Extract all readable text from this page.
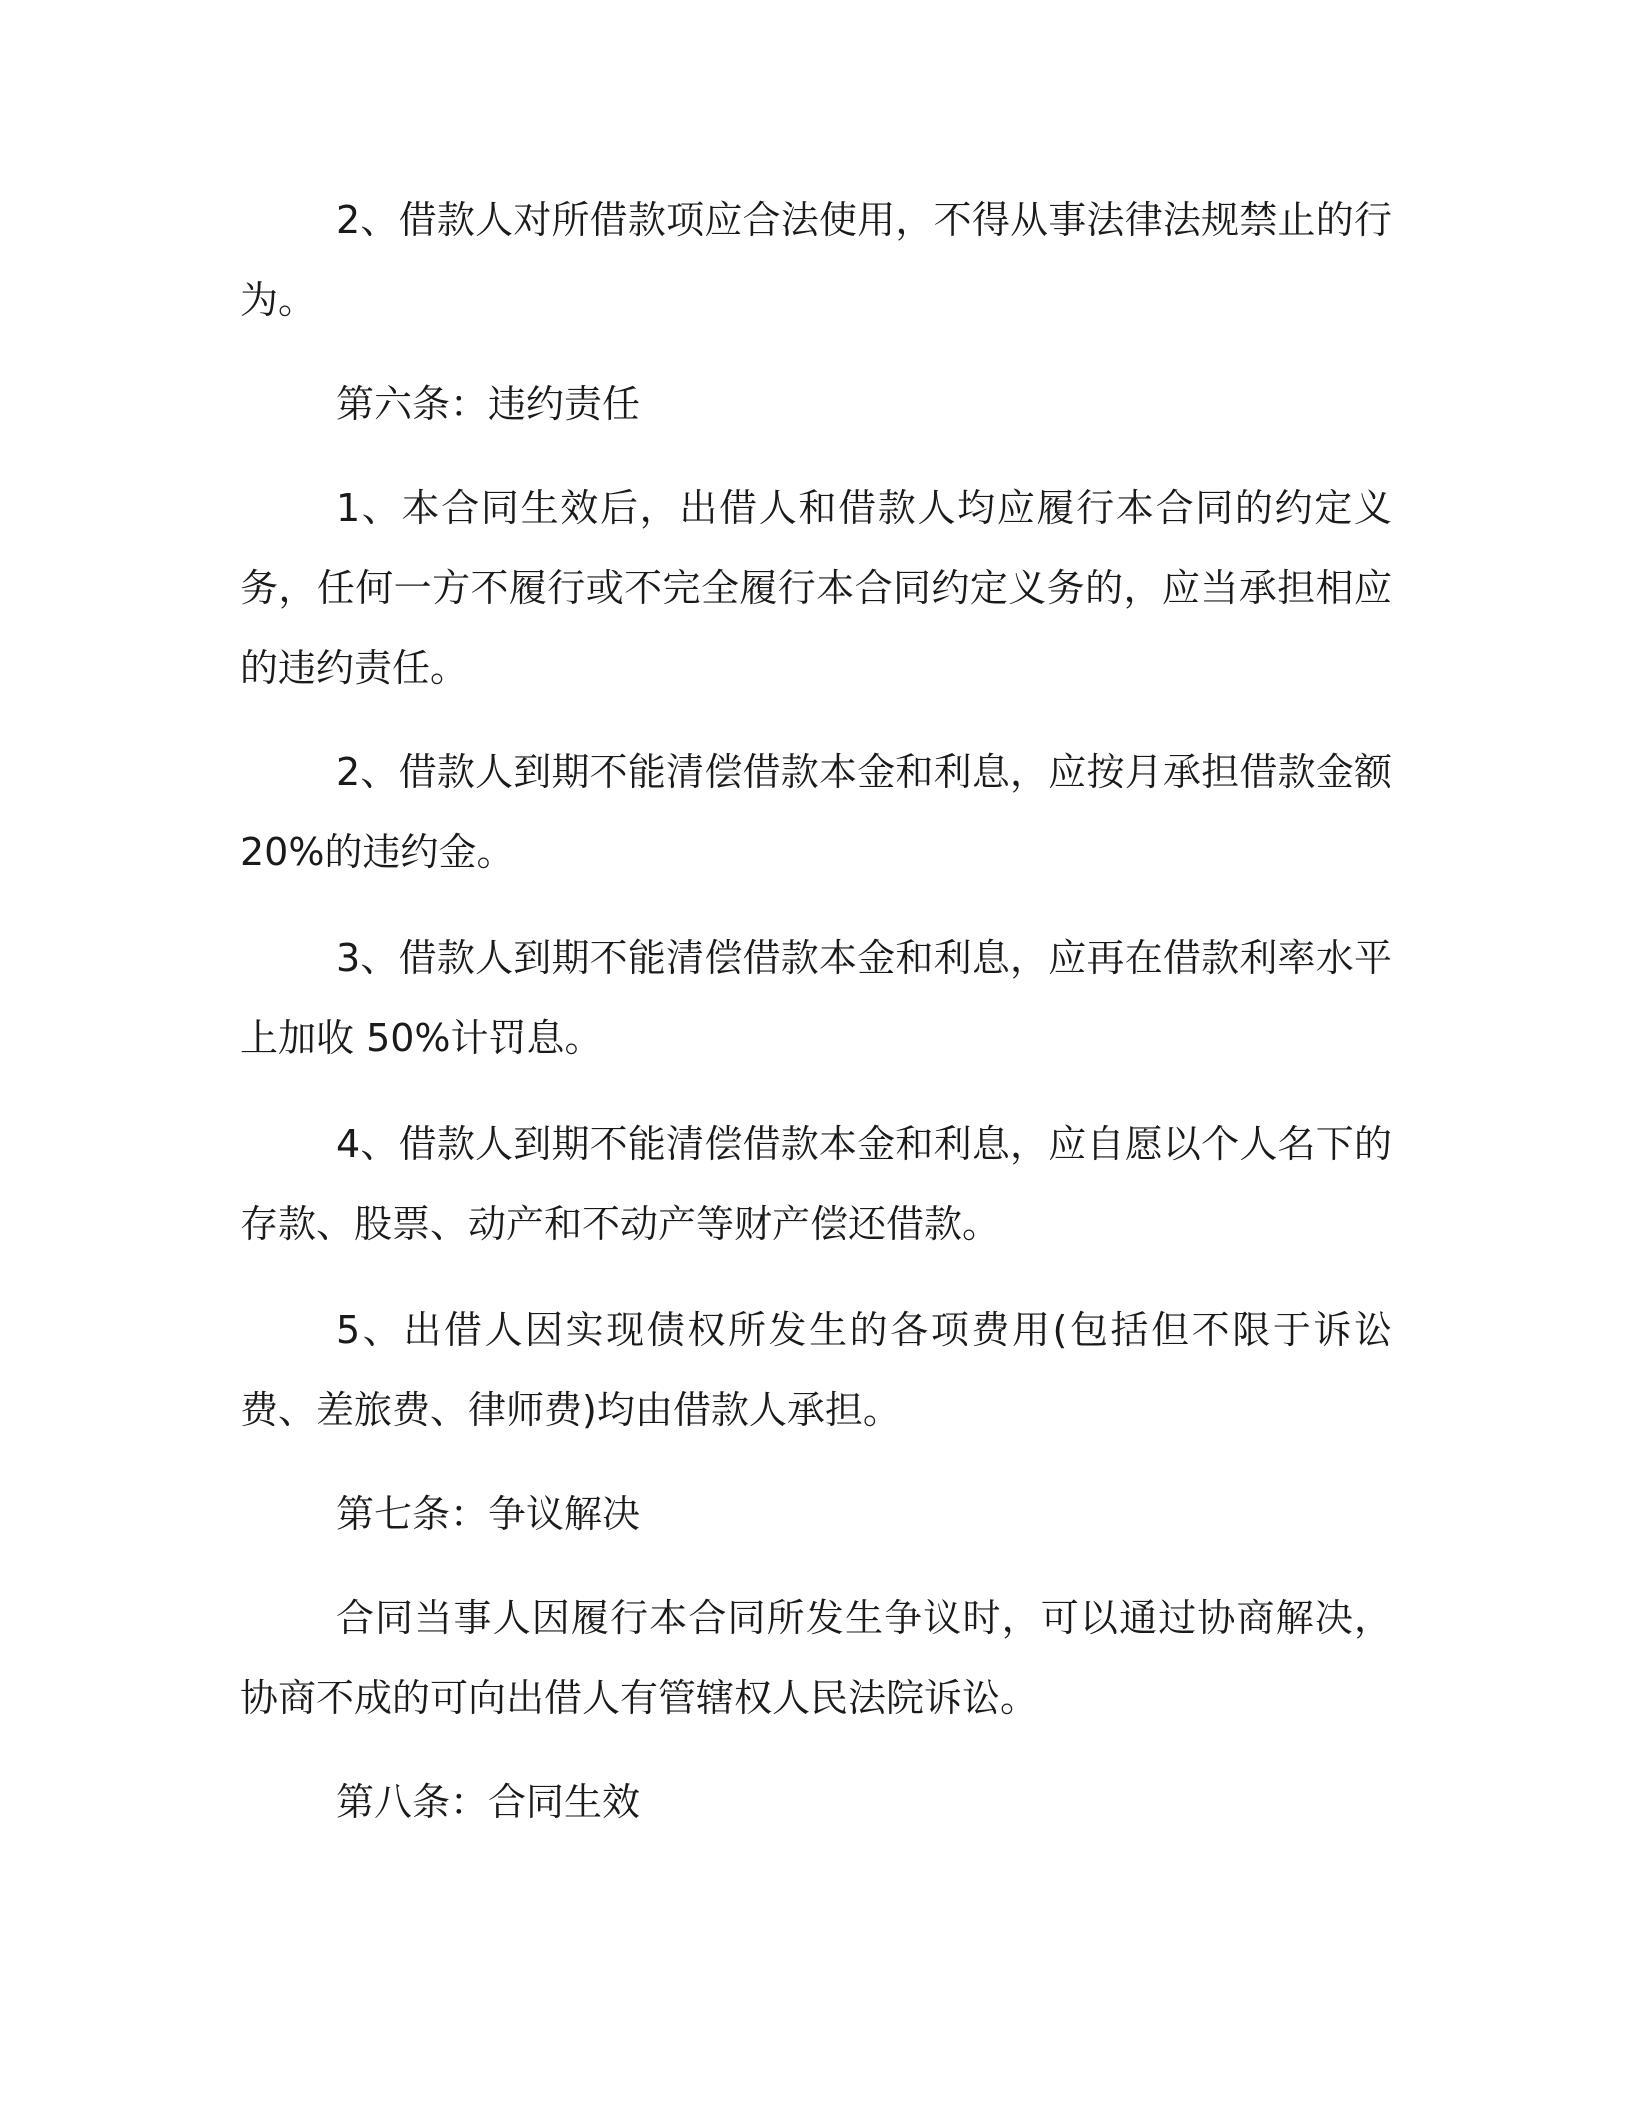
2、借款人对所借款项应合法使用，不得从事法律法规禁止的行为。

第六条：违约责任

1、本合同生效后，出借人和借款人均应履行本合同的约定义务，任何一方不履行或不完全履行本合同约定义务的，应当承担相应的违约责任。

2、借款人到期不能清偿借款本金和利息，应按月承担借款金额20%的违约金。

3、借款人到期不能清偿借款本金和利息，应再在借款利率水平上加收 50%计罚息。

4、借款人到期不能清偿借款本金和利息，应自愿以个人名下的存款、股票、动产和不动产等财产偿还借款。

5、出借人因实现债权所发生的各项费用(包括但不限于诉讼费、差旅费、律师费)均由借款人承担。

第七条：争议解决

合同当事人因履行本合同所发生争议时，可以通过协商解决，协商不成的可向出借人有管辖权人民法院诉讼。

第八条：合同生效
